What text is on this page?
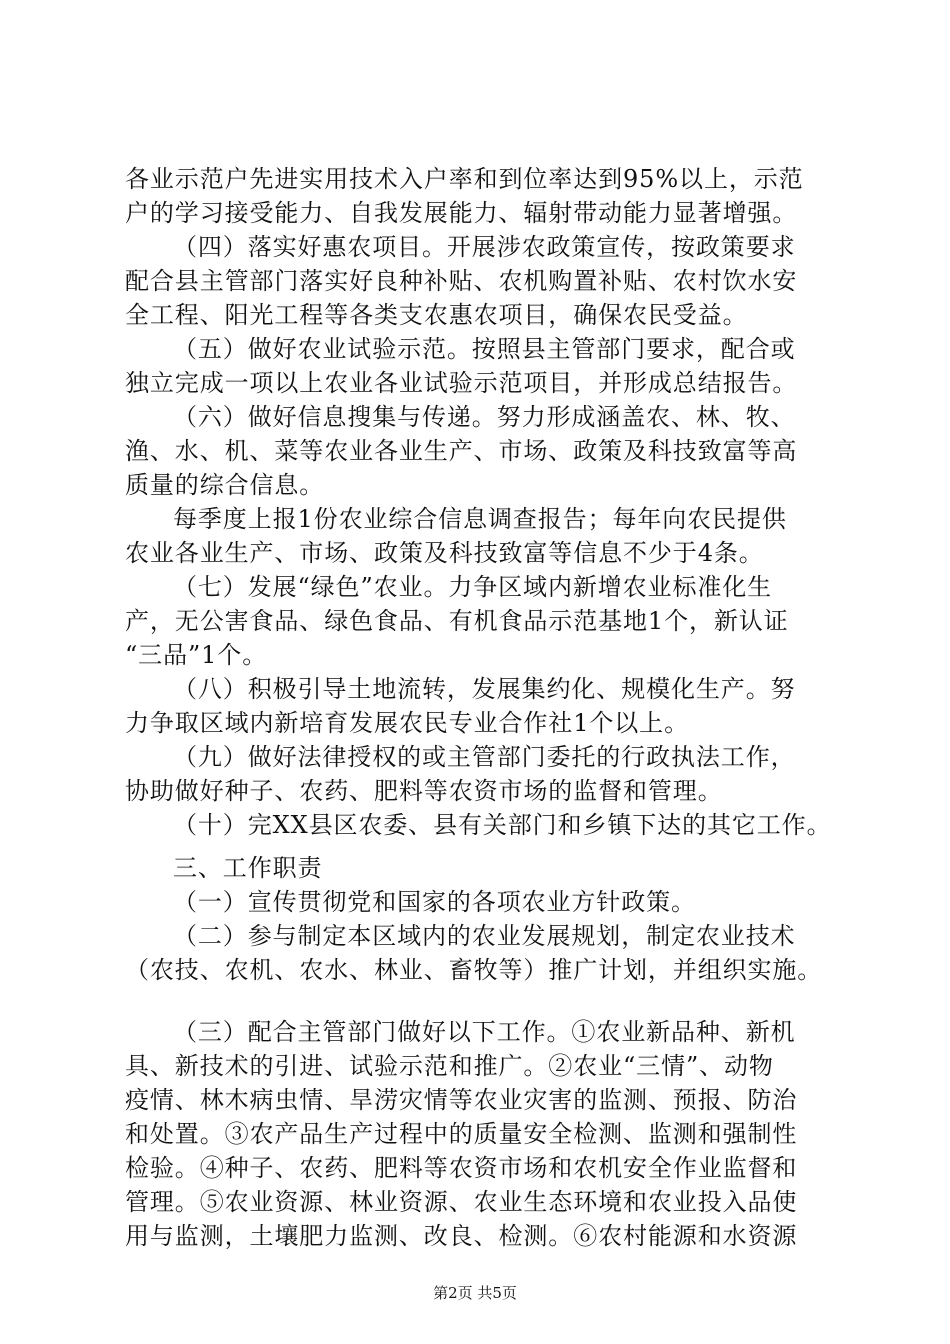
各业示范户先进实用技术入户率和到位率达到95%以上，示范
户的学习接受能力、自我发展能力、辐射带动能力显著增强。
（四）落实好惠农项目。开展涉农政策宣传，按政策要求
配合县主管部门落实好良种补贴、农机购置补贴、农村饮水安
全工程、阳光工程等各类支农惠农项目，确保农民受益。
（五）做好农业试验示范。按照县主管部门要求，配合或
独立完成一项以上农业各业试验示范项目，并形成总结报告。
（六）做好信息搜集与传递。努力形成涵盖农、林、牧、
渔、水、机、菜等农业各业生产、市场、政策及科技致富等高
质量的综合信息。
每季度上报1份农业综合信息调查报告；每年向农民提供
农业各业生产、市场、政策及科技致富等信息不少于4条。
（七）发展“绿色”农业。力争区域内新增农业标准化生
产，无公害食品、绿色食品、有机食品示范基地1个，新认证
“三品”1个。
（八）积极引导土地流转，发展集约化、规模化生产。努
力争取区域内新培育发展农民专业合作社1个以上。
（九）做好法律授权的或主管部门委托的行政执法工作，
协助做好种子、农药、肥料等农资市场的监督和管理。
（十）完XX县区农委、县有关部门和乡镇下达的其它工作。
三、工作职责
（一）宣传贯彻党和国家的各项农业方针政策。
（二）参与制定本区域内的农业发展规划，制定农业技术
（农技、农机、农水、林业、畜牧等）推广计划，并组织实施。
（三）配合主管部门做好以下工作。①农业新品种、新机
具、新技术的引进、试验示范和推广。②农业“三情”、动物
疫情、林木病虫情、旱涝灾情等农业灾害的监测、预报、防治
和处置。③农产品生产过程中的质量安全检测、监测和强制性
检验。④种子、农药、肥料等农资市场和农机安全作业监督和
管理。⑤农业资源、林业资源、农业生态环境和农业投入品使
用与监测，土壤肥力监测、改良、检测。⑥农村能源和水资源
第2页 共5页
